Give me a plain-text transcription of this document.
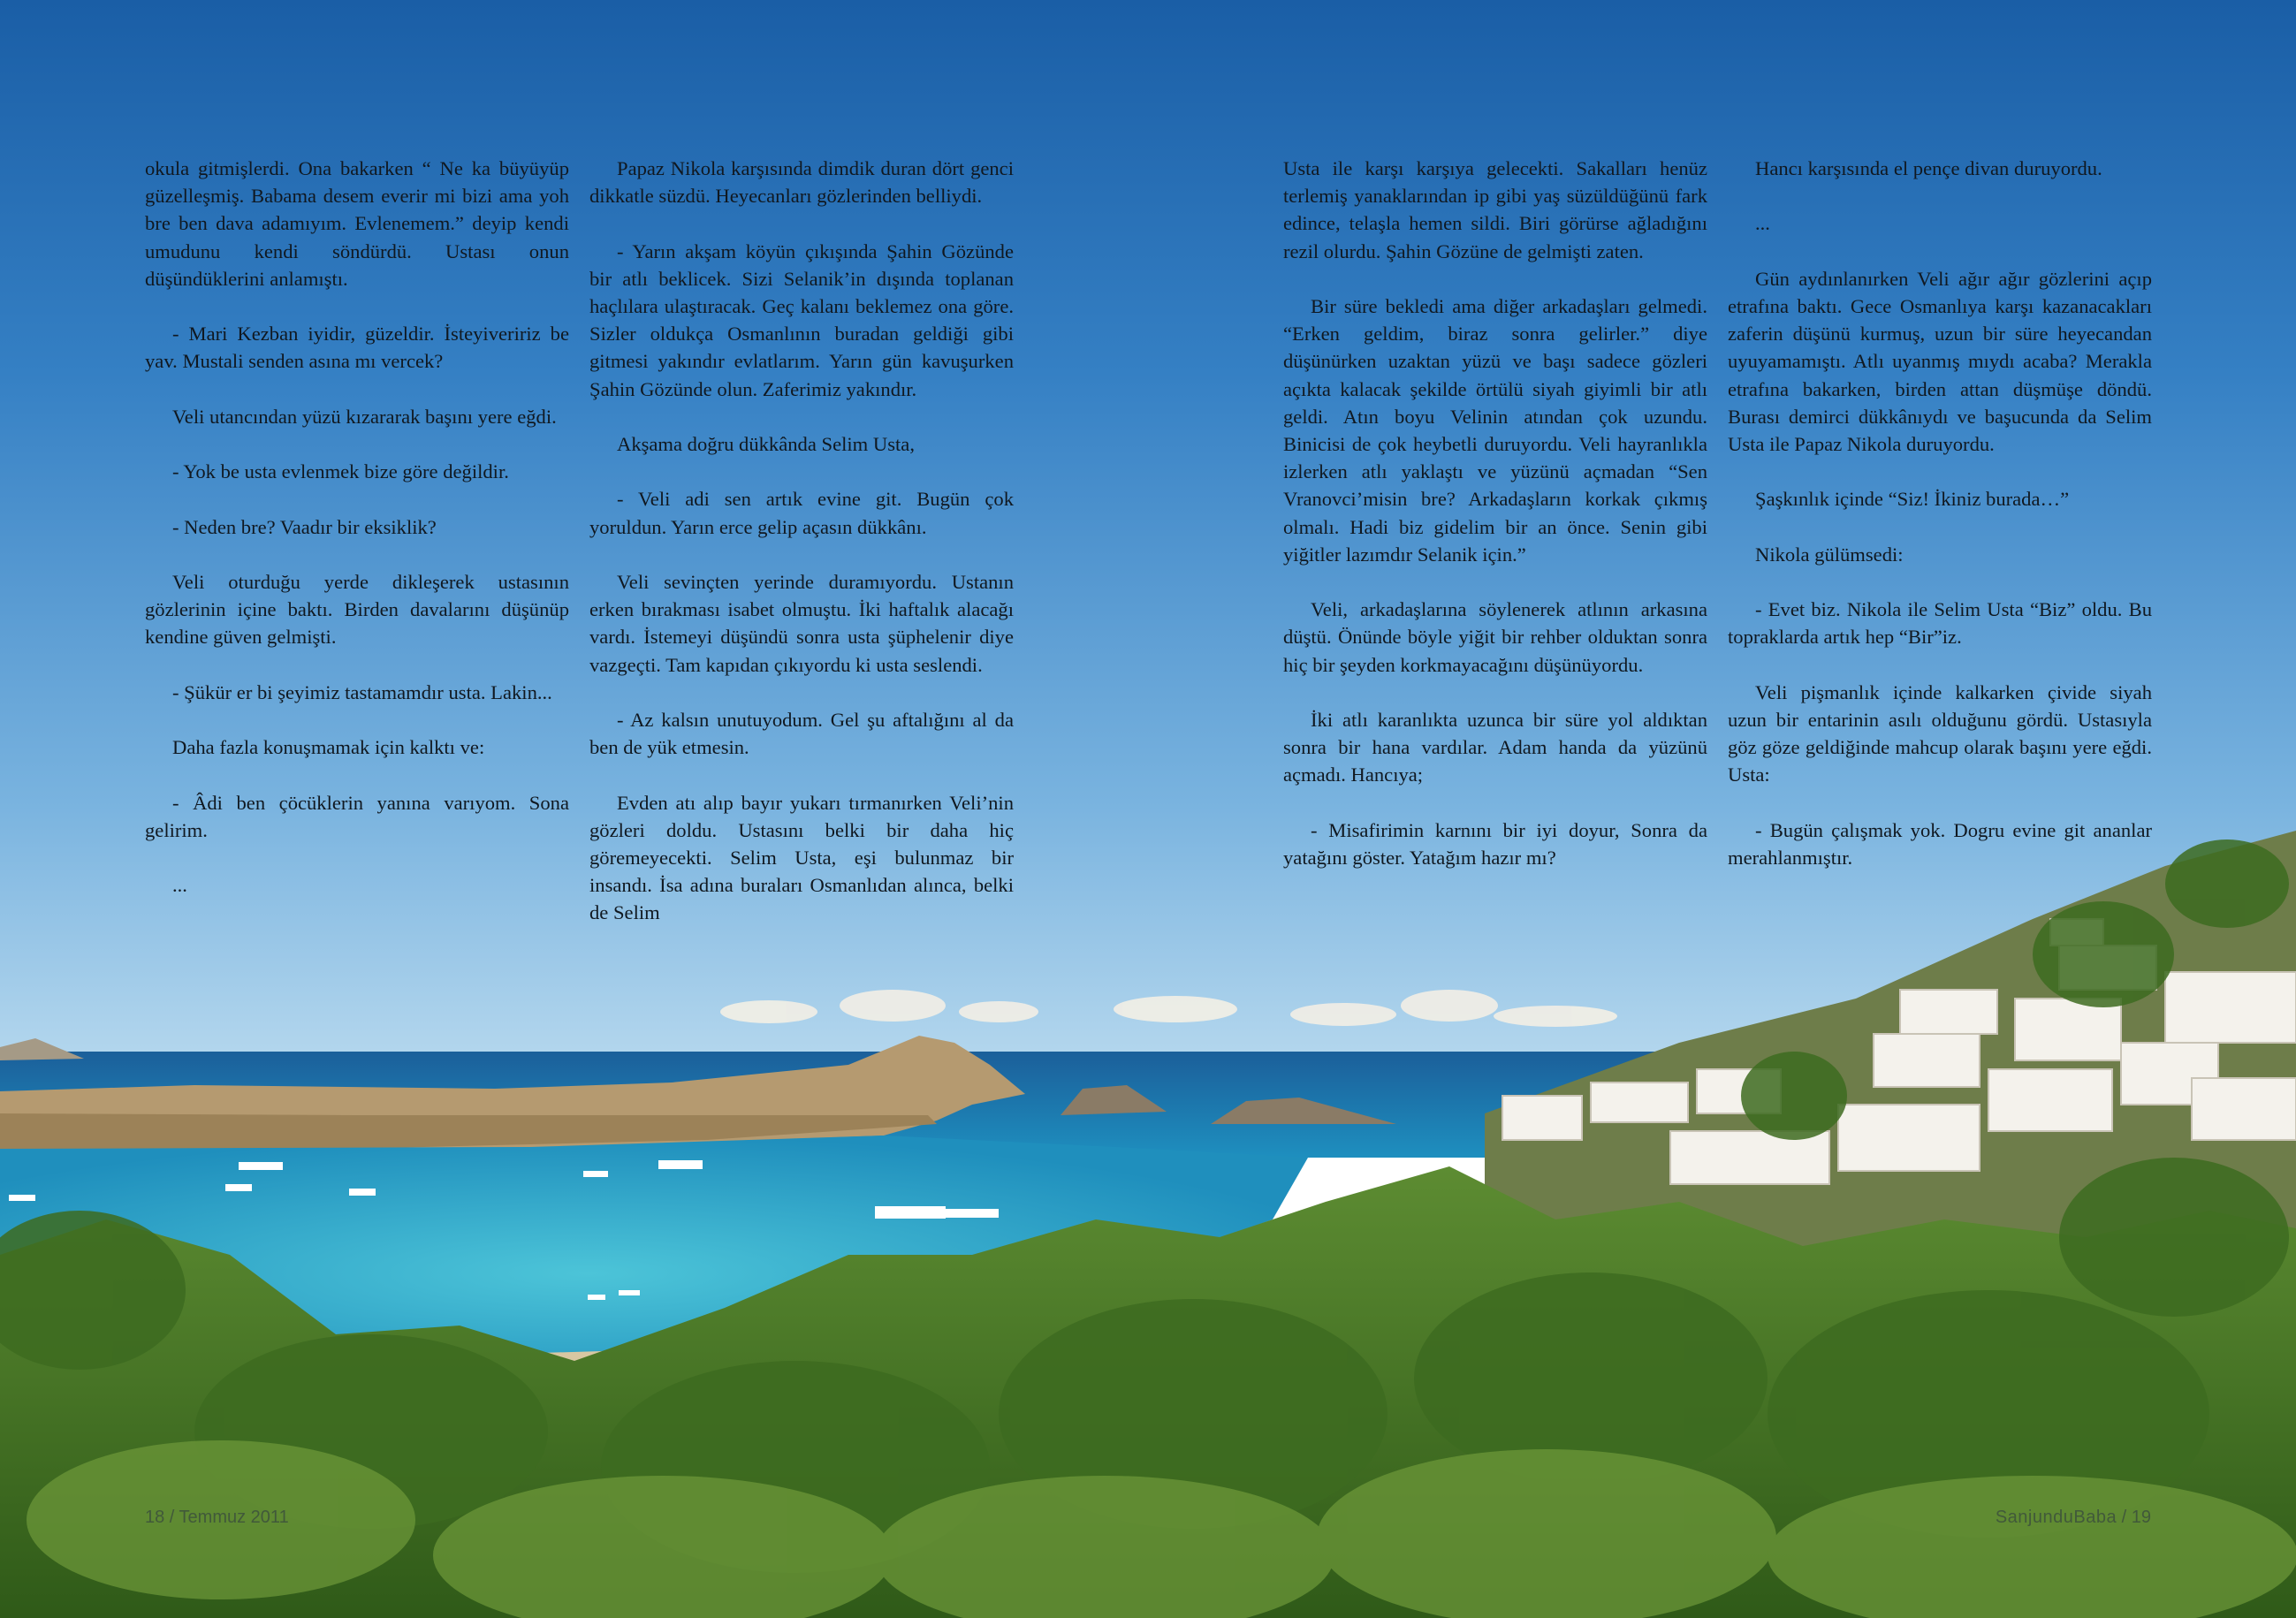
okula gitmişlerdi. Ona bakarken “ Ne ka büyüyüp güzelleşmiş. Babama desem everir mi bizi ama yoh bre ben dava adamıyım. Evlenemem.” deyip kendi umudunu kendi söndürdü. Ustası onun düşündüklerini anlamıştı.

- Mari Kezban iyidir, güzeldir. İsteyiveririz be yav. Mustali senden asına mı vercek?

Veli utancından yüzü kızararak başını yere eğdi.

- Yok be usta evlenmek bize göre değildir.

- Neden bre? Vaadır bir eksiklik?

Veli oturduğu yerde dikleşerek ustasının gözlerinin içine baktı. Birden davalarını düşünüp kendine güven gelmişti.

- Şükür er bi şeyimiz tastamamdır usta. Lakin...

Daha fazla konuşmamak için kalktı ve:

- Âdi ben çöcüklerin yanına varıyom. Sona gelirim.

...

Papaz Nikola karşısında dimdik duran dört genci dikkatle süzdü. Heyecanları gözlerinden belliydi.

- Yarın akşam köyün çıkışında Şahin Gözünde bir atlı beklicek. Sizi Selanik’in dışında toplanan haçlılara ulaştıracak. Geç kalanı beklemez ona göre. Sizler oldukça Osmanlının buradan geldiği gibi gitmesi yakındır evlatlarım. Yarın gün kavuşurken Şahin Gözünde olun. Zaferimiz yakındır.

Akşama doğru dükkânda Selim Usta,

- Veli adi sen artık evine git. Bugün çok yoruldun. Yarın erce gelip açasın dükkânı.

Veli sevinçten yerinde duramıyordu. Ustanın erken bırakması isabet olmuştu. İki haftalık alacağı vardı. İstemeyi düşündü sonra usta şüphelenir diye vazgeçti. Tam kapıdan çıkıyordu ki usta seslendi.

- Az kalsın unutuyodum. Gel şu aftalığını al da ben de yük etmesin.

Evden atı alıp bayır yukarı tırmanırken Veli’nin gözleri doldu. Ustasını belki bir daha hiç göremeyecekti. Selim Usta, eşi bulunmaz bir insandı. İsa adına buraları Osmanlıdan alınca, belki de Selim

Usta ile karşı karşıya gelecekti. Sakalları henüz terlemiş yanaklarından ip gibi yaş süzüldüğünü fark edince, telaşla hemen sildi. Biri görürse ağladığını rezil olurdu. Şahin Gözüne de gelmişti zaten.

Bir süre bekledi ama diğer arkadaşları gelmedi. “Erken geldim, biraz sonra gelirler.” diye düşünürken uzaktan yüzü ve başı sadece gözleri açıkta kalacak şekilde örtülü siyah giyimli bir atlı geldi. Atın boyu Velinin atından çok uzundu. Binicisi de çok heybetli duruyordu. Veli hayranlıkla izlerken atlı yaklaştı ve yüzünü açmadan “Sen Vranovci’misin bre? Arkadaşların korkak çıkmış olmalı. Hadi biz gidelim bir an önce. Senin gibi yiğitler lazımdır Selanik için.”

Veli, arkadaşlarına söylenerek atlının arkasına düştü. Önünde böyle yiğit bir rehber olduktan sonra hiç bir şeyden korkmayacağını düşünüyordu.

İki atlı karanlıkta uzunca bir süre yol aldıktan sonra bir hana vardılar. Adam handa da yüzünü açmadı. Hancıya;

- Misafirimin karnını bir iyi doyur, Sonra da yatağını göster. Yatağım hazır mı?

Hancı karşısında el pençe divan duruyordu.

...

Gün aydınlanırken Veli ağır ağır gözlerini açıp etrafına baktı. Gece Osmanlıya karşı kazanacakları zaferin düşünü kurmuş, uzun bir süre heyecandan uyuyamamıştı. Atlı uyanmış mıydı acaba? Merakla etrafına bakarken, birden attan düşmüşe döndü. Burası demirci dükkânıydı ve başucunda da Selim Usta ile Papaz Nikola duruyordu.

Şaşkınlık içinde “Siz! İkiniz burada…”

Nikola gülümsedi:

- Evet biz. Nikola ile Selim Usta “Biz” oldu. Bu topraklarda artık hep “Bir”iz.

Veli pişmanlık içinde kalkarken çivide siyah uzun bir entarinin asılı olduğunu gördü. Ustasıyla göz göze geldiğinde mahcup olarak başını yere eğdi. Usta:

- Bugün çalışmak yok. Dogru evine git ananlar merahlanmıştır.

18 / Temmuz 2011	SanjunduBaba / 19
